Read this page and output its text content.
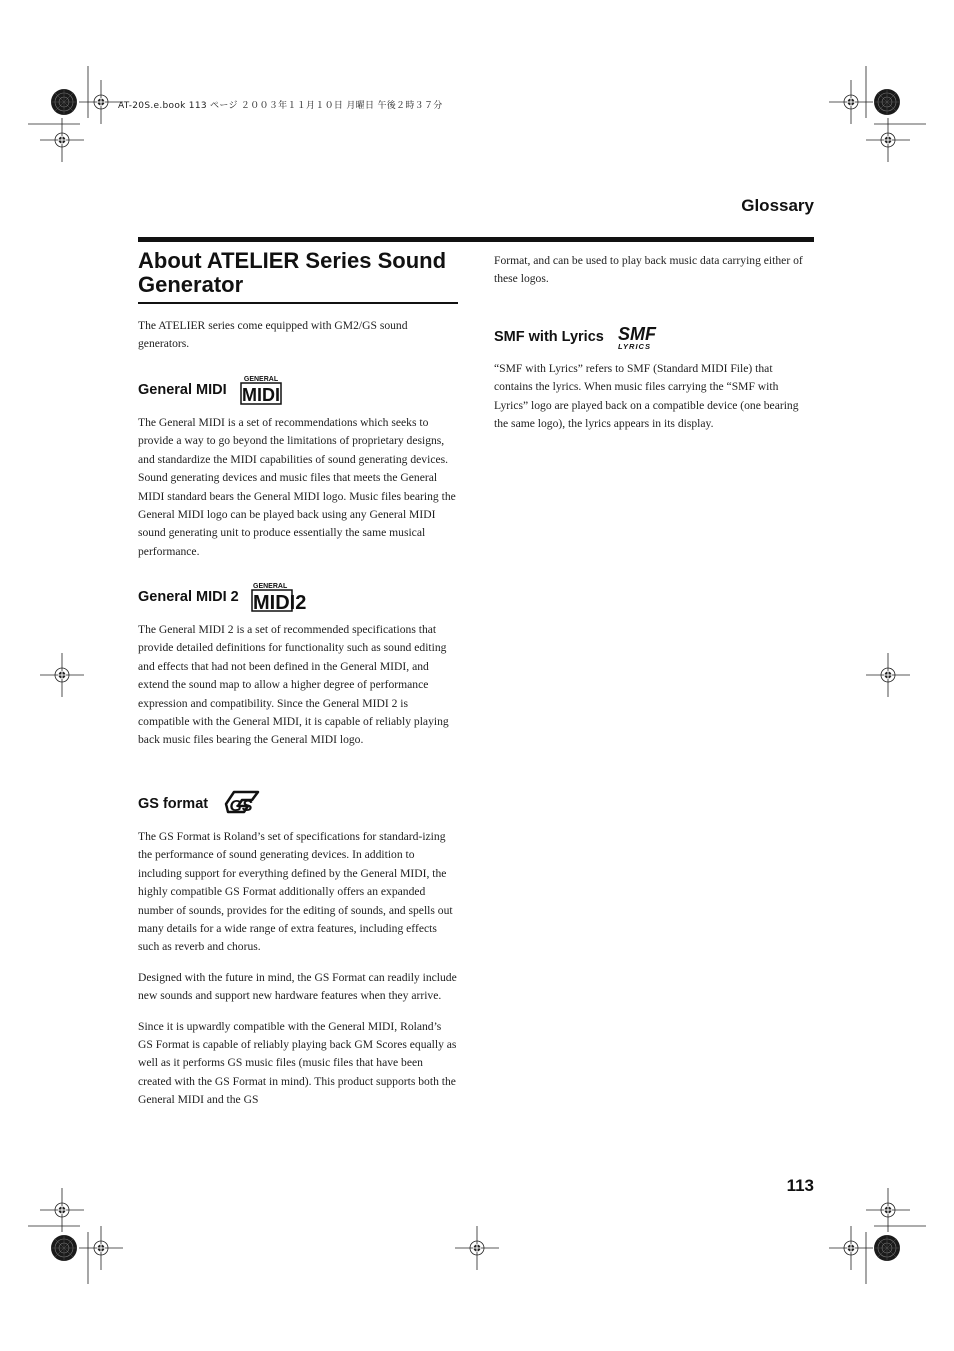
AT-20S.e.book 113 ページ ２００３年１１月１０日 月曜日 午後２時３７分
Glossary
About ATELIER Series Sound Generator

The ATELIER series come equipped with GM2/GS sound generators.

General MIDI
GENERAL
MIDI

The General MIDI is a set of recommendations which seeks to provide a way to go beyond the limitations of proprietary designs, and standardize the MIDI capabilities of sound generating devices. Sound generating devices and music files that meets the General MIDI standard bears the General MIDI logo. Music files bearing the General MIDI logo can be played back using any General MIDI sound generating unit to produce essentially the same musical performance.

General MIDI 2
GENERAL
MIDI2

The General MIDI 2 is a set of recommended specifications that provide detailed definitions for functionality such as sound editing and effects that had not been defined in the General MIDI, and extend the sound map to allow a higher degree of performance expression and compatibility. Since the General MIDI 2 is compatible with the General MIDI, it is capable of reliably playing back music files bearing the General MIDI logo.

GS format GS

The GS Format is Roland’s set of specifications for standard-izing the performance of sound generating devices. In addition to including support for everything defined by the General MIDI, the highly compatible GS Format additionally offers an expanded number of sounds, provides for the editing of sounds, and spells out many details for a wide range of extra features, including effects such as reverb and chorus.

Designed with the future in mind, the GS Format can readily include new sounds and support new hardware features when they arrive.

Since it is upwardly compatible with the General MIDI, Roland’s GS Format is capable of reliably playing back GM Scores equally as well as it performs GS music files (music files that have been created with the GS Format in mind). This product supports both the General MIDI and the GS

Format, and can be used to play back music data carrying either of these logos.

SMF with Lyrics SMF
LYRICS

“SMF with Lyrics” refers to SMF (Standard MIDI File) that contains the lyrics. When music files carrying the “SMF with Lyrics” logo are played back on a compatible device (one bearing the same logo), the lyrics appears in its display.

113
